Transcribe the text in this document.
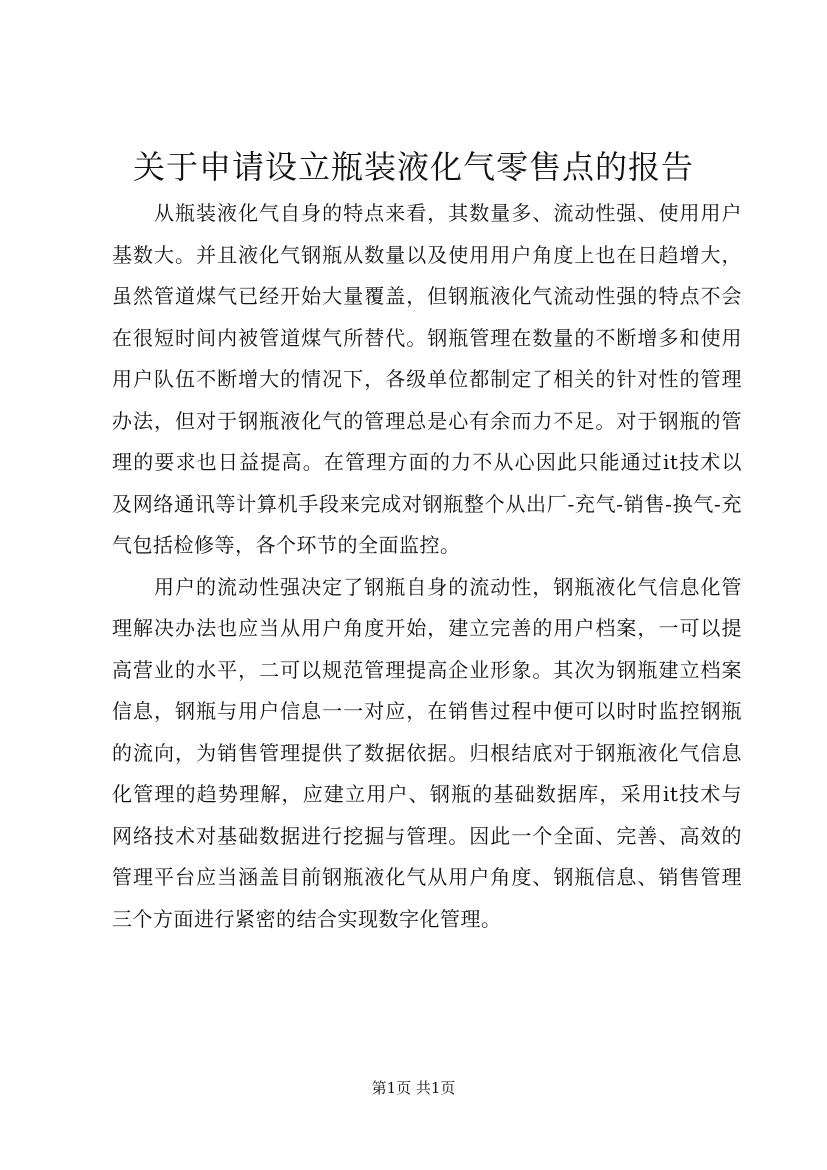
关于申请设立瓶装液化气零售点的报告

从瓶装液化气自身的特点来看，其数量多、流动性强、使用用户基数大。并且液化气钢瓶从数量以及使用用户角度上也在日趋增大，虽然管道煤气已经开始大量覆盖，但钢瓶液化气流动性强的特点不会在很短时间内被管道煤气所替代。钢瓶管理在数量的不断增多和使用用户队伍不断增大的情况下，各级单位都制定了相关的针对性的管理办法，但对于钢瓶液化气的管理总是心有余而力不足。对于钢瓶的管理的要求也日益提高。在管理方面的力不从心因此只能通过it技术以及网络通讯等计算机手段来完成对钢瓶整个从出厂-充气-销售-换气-充气包括检修等，各个环节的全面监控。

用户的流动性强决定了钢瓶自身的流动性，钢瓶液化气信息化管理解决办法也应当从用户角度开始，建立完善的用户档案，一可以提高营业的水平，二可以规范管理提高企业形象。其次为钢瓶建立档案信息，钢瓶与用户信息一一对应，在销售过程中便可以时时监控钢瓶的流向，为销售管理提供了数据依据。归根结底对于钢瓶液化气信息化管理的趋势理解，应建立用户、钢瓶的基础数据库，采用it技术与网络技术对基础数据进行挖掘与管理。因此一个全面、完善、高效的管理平台应当涵盖目前钢瓶液化气从用户角度、钢瓶信息、销售管理三个方面进行紧密的结合实现数字化管理。

第1页 共1页
